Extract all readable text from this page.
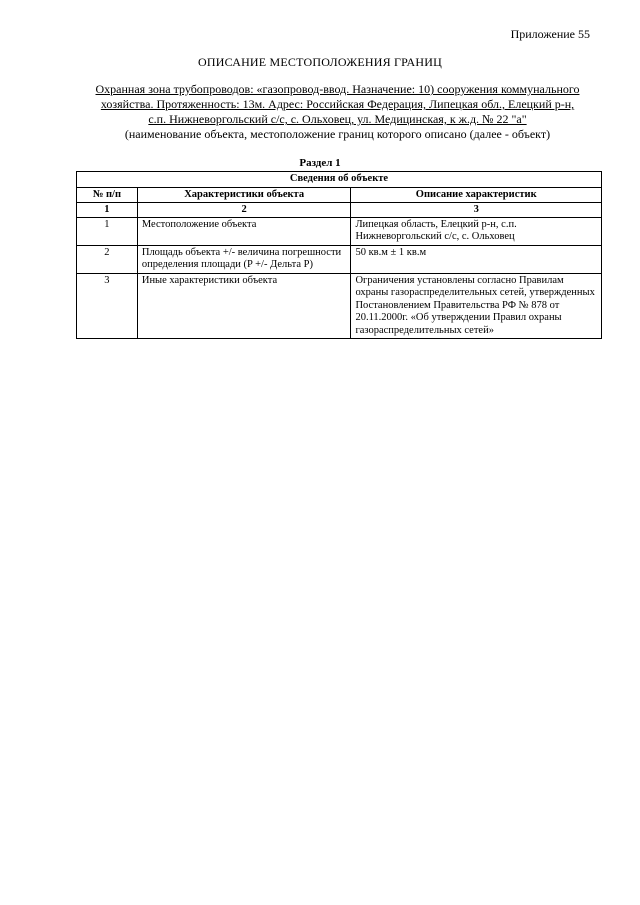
Приложение 55
ОПИСАНИЕ МЕСТОПОЛОЖЕНИЯ ГРАНИЦ
Охранная зона трубопроводов: «газопровод-ввод. Назначение: 10) сооружения коммунального
хозяйства. Протяженность: 13м. Адрес: Российская Федерация, Липецкая обл., Елецкий р-н,
с.п. Нижневоргольский с/с, с. Ольховец, ул. Медицинская, к ж.д. № 22 "а"
(наименование объекта, местоположение границ которого описано (далее - объект)
Раздел 1
Сведения об объекте		
№ п/п	Характеристики объекта	Описание характеристик
1	2	3
1	Местоположение объекта	Липецкая область, Елецкий р-н, с.п. Нижневоргольский с/с, с. Ольховец
2	Площадь объекта +/- величина погрешности определения площади (P +/- Дельта P)	50 кв.м ± 1 кв.м
3	Иные характеристики объекта	Ограничения установлены согласно Правилам охраны газораспределительных сетей, утвержденных Постановлением Правительства РФ № 878 от 20.11.2000г. «Об утверждении Правил охраны газораспределительных сетей»
